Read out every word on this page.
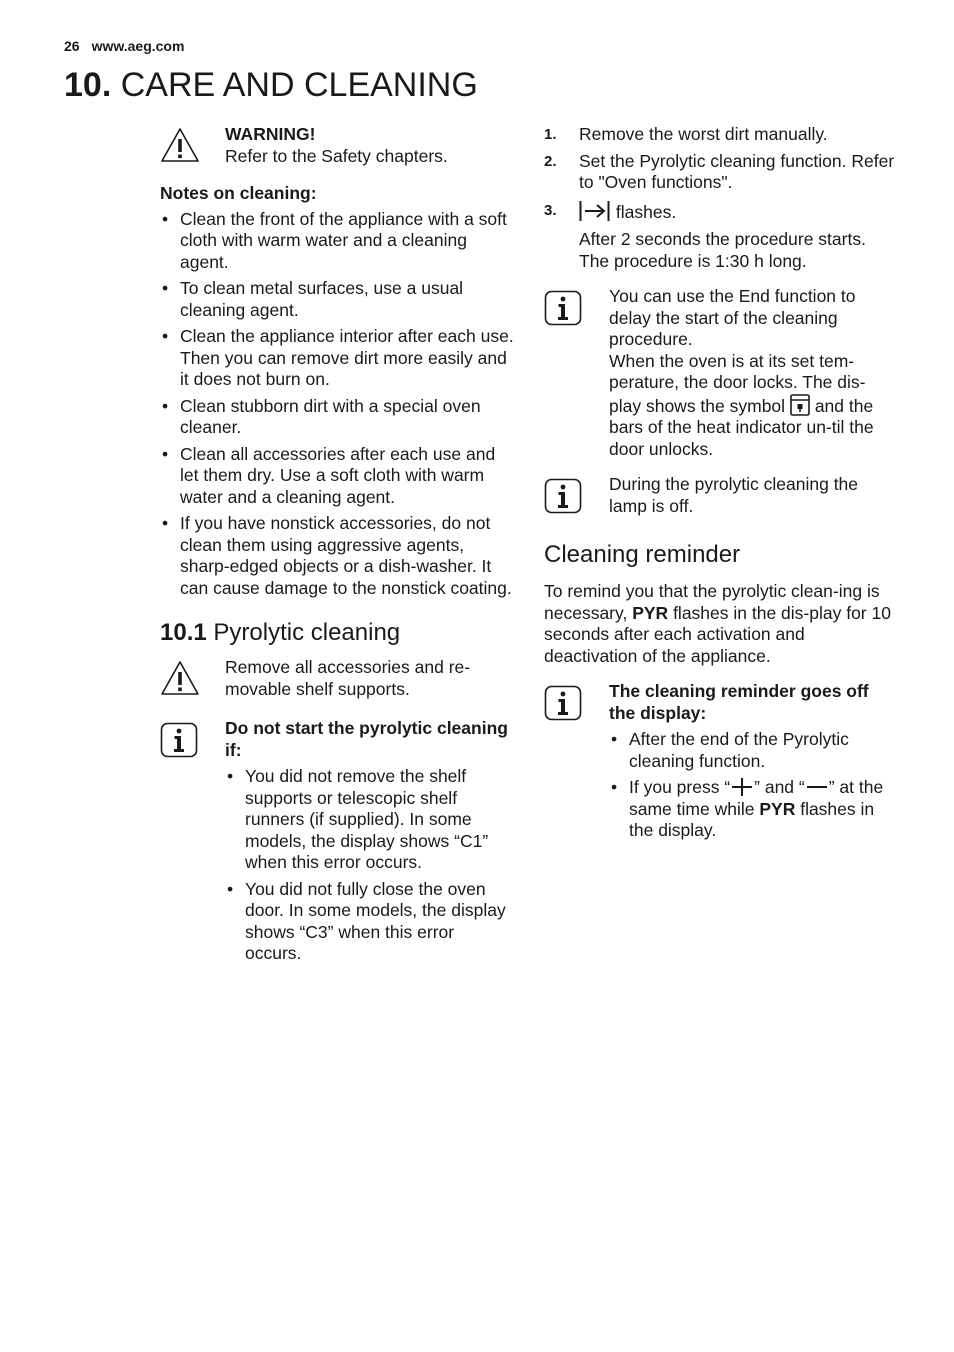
26 www.aeg.com
10. CARE AND CLEANING

WARNING!

Refer to the Safety chapters.

Notes on cleaning:

• Clean the front of the appliance with a soft cloth with warm water and a cleaning agent.
• To clean metal surfaces, use a usual cleaning agent.
• Clean the appliance interior after each use. Then you can remove dirt more easily and it does not burn on.
• Clean stubborn dirt with a special oven cleaner.
• Clean all accessories after each use and let them dry. Use a soft cloth with warm water and a cleaning agent.
• If you have nonstick accessories, do not clean them using aggressive agents, sharp-edged objects or a dish-washer. It can cause damage to the nonstick coating.
10.1 Pyrolytic cleaning

Remove all accessories and re-movable shelf supports.

Do not start the pyrolytic cleaning if:

• You did not remove the shelf supports or telescopic shelf runners (if supplied). In some models, the display shows “C1” when this error occurs.
• You did not fully close the oven door. In some models, the display shows “C3” when this error occurs.
1. Remove the worst dirt manually.
2. Set the Pyrolytic cleaning function. Refer to "Oven functions".
3.	flashes.

After 2 seconds the procedure starts. The procedure is 1:30 h long.

You can use the End function to delay the start of the cleaning procedure.

When the oven is at its set tem-perature, the door locks. The dis-play shows the symbol and the bars of the heat indicator un-til the door unlocks.

During the pyrolytic cleaning the lamp is off.

Cleaning reminder

To remind you that the pyrolytic clean-ing is necessary, PYR flashes in the dis-play for 10 seconds after each activation and deactivation of the appliance.

The cleaning reminder goes off the display:

• After the end of the Pyrolytic cleaning function.
• If you press “ ” and “ ” at the same time while PYR flashes in the display.
